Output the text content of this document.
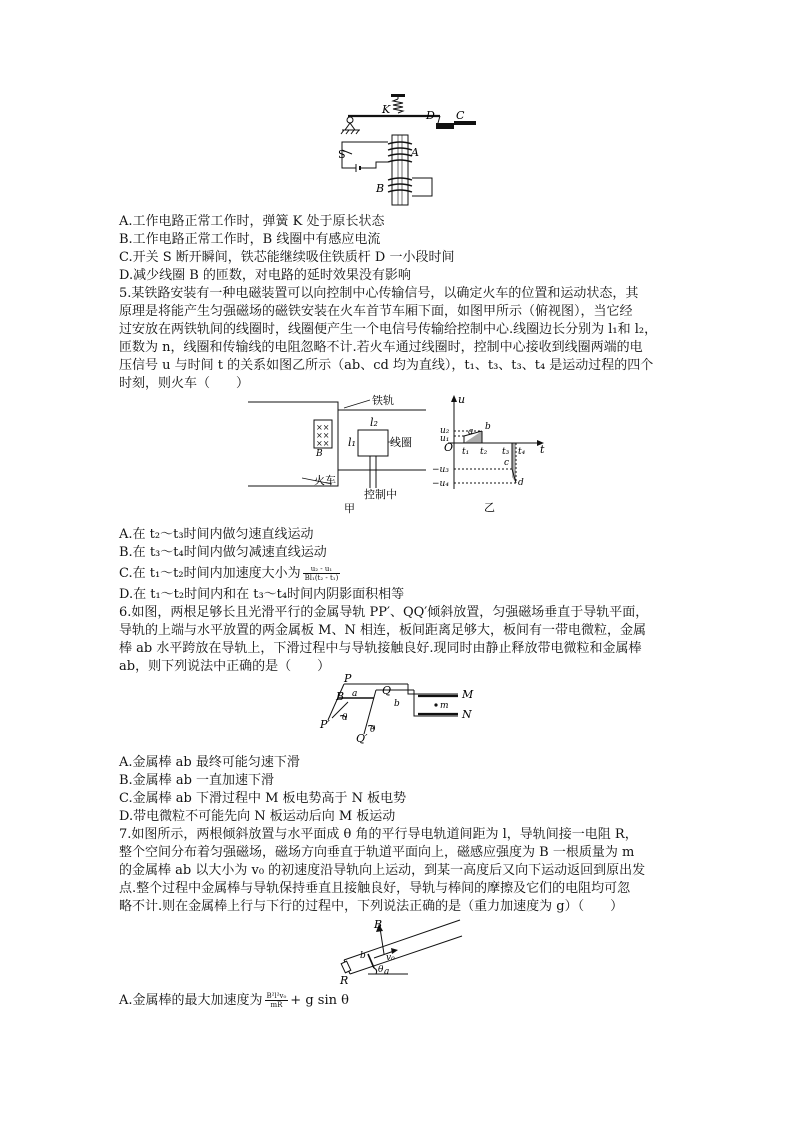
K	D C
S	A
B
A.工作电路正常工作时，弹簧 K 处于原长状态
B.工作电路正常工作时，B 线圈中有感应电流
C.开关 S 断开瞬间，铁芯能继续吸住铁质杆 D 一小段时间
D.减少线圈 B 的匝数，对电路的延时效果没有影响
5.某铁路安装有一种电磁装置可以向控制中心传输信号，以确定火车的位置和运动状态，其
原理是将能产生匀强磁场的磁铁安装在火车首节车厢下面，如图甲所示（俯视图），当它经
过安放在两铁轨间的线圈时，线圈便产生一个电信号传输给控制中心.线圈边长分别为 l₁和 l₂，
匝数为 n，线圈和传输线的电阻忽略不计.若火车通过线圈时，控制中心接收到线圈两端的电
压信号 u 与时间 t 的关系如图乙所示（ab、cd 均为直线），t₁、t₃、t₃、t₄ 是运动过程的四个
时刻，则火车（　　）
××
××
××
铁轨
B
l₂
l₁	线圈
火车
控制中
甲
u
t
O
u₂
u₁
−u₃
−u₄
t₁ t₂ t₃ t₄
a b
c
d
乙
A.在 t₂～t₃时间内做匀速直线运动
B.在 t₃～t₄时间内做匀减速直线运动
C.在 t₁～t₂时间内加速度大小为 $\frac{\text{u₂ - u₁}}{\text{Bl₁(t₂ - t₁)}}$
D.在 t₁～t₂时间内和在 t₃～t₄时间内阴影面积相等
6.如图，两根足够长且光滑平行的金属导轨 PP′、QQ′倾斜放置，匀强磁场垂直于导轨平面，
导轨的上端与水平放置的两金属板 M、N 相连，板间距离足够大，板间有一带电微粒，金属
棒 ab 水平跨放在导轨上，下滑过程中与导轨接触良好.现同时由静止释放带电微粒和金属棒
ab，则下列说法中正确的是（　　）
P
a
B	Q
b
P′ θ
θ
Q′
M
m
N
A.金属棒 ab 最终可能匀速下滑
B.金属棒 ab 一直加速下滑
C.金属棒 ab 下滑过程中 M 板电势高于 N 板电势
D.带电微粒不可能先向 N 板运动后向 M 板运动
7.如图所示，两根倾斜放置与水平面成 θ 角的平行导电轨道间距为 l，导轨间接一电阻 R，
整个空间分布着匀强磁场，磁场方向垂直于轨道平面向上，磁感应强度为 B 一根质量为 m
的金属棒 ab 以大小为 v₀ 的初速度沿导轨向上运动，到某一高度后又向下运动返回到原出发
点.整个过程中金属棒与导轨保持垂直且接触良好，导轨与棒间的摩擦及它们的电阻均可忽
略不计.则在金属棒上行与下行的过程中，下列说法正确的是（重力加速度为 g）（　　）
B
b v₀
R
θ a
A.金属棒的最大加速度为 $\frac{\text{B²l²v₀}}{mR} + g$ sin θ
